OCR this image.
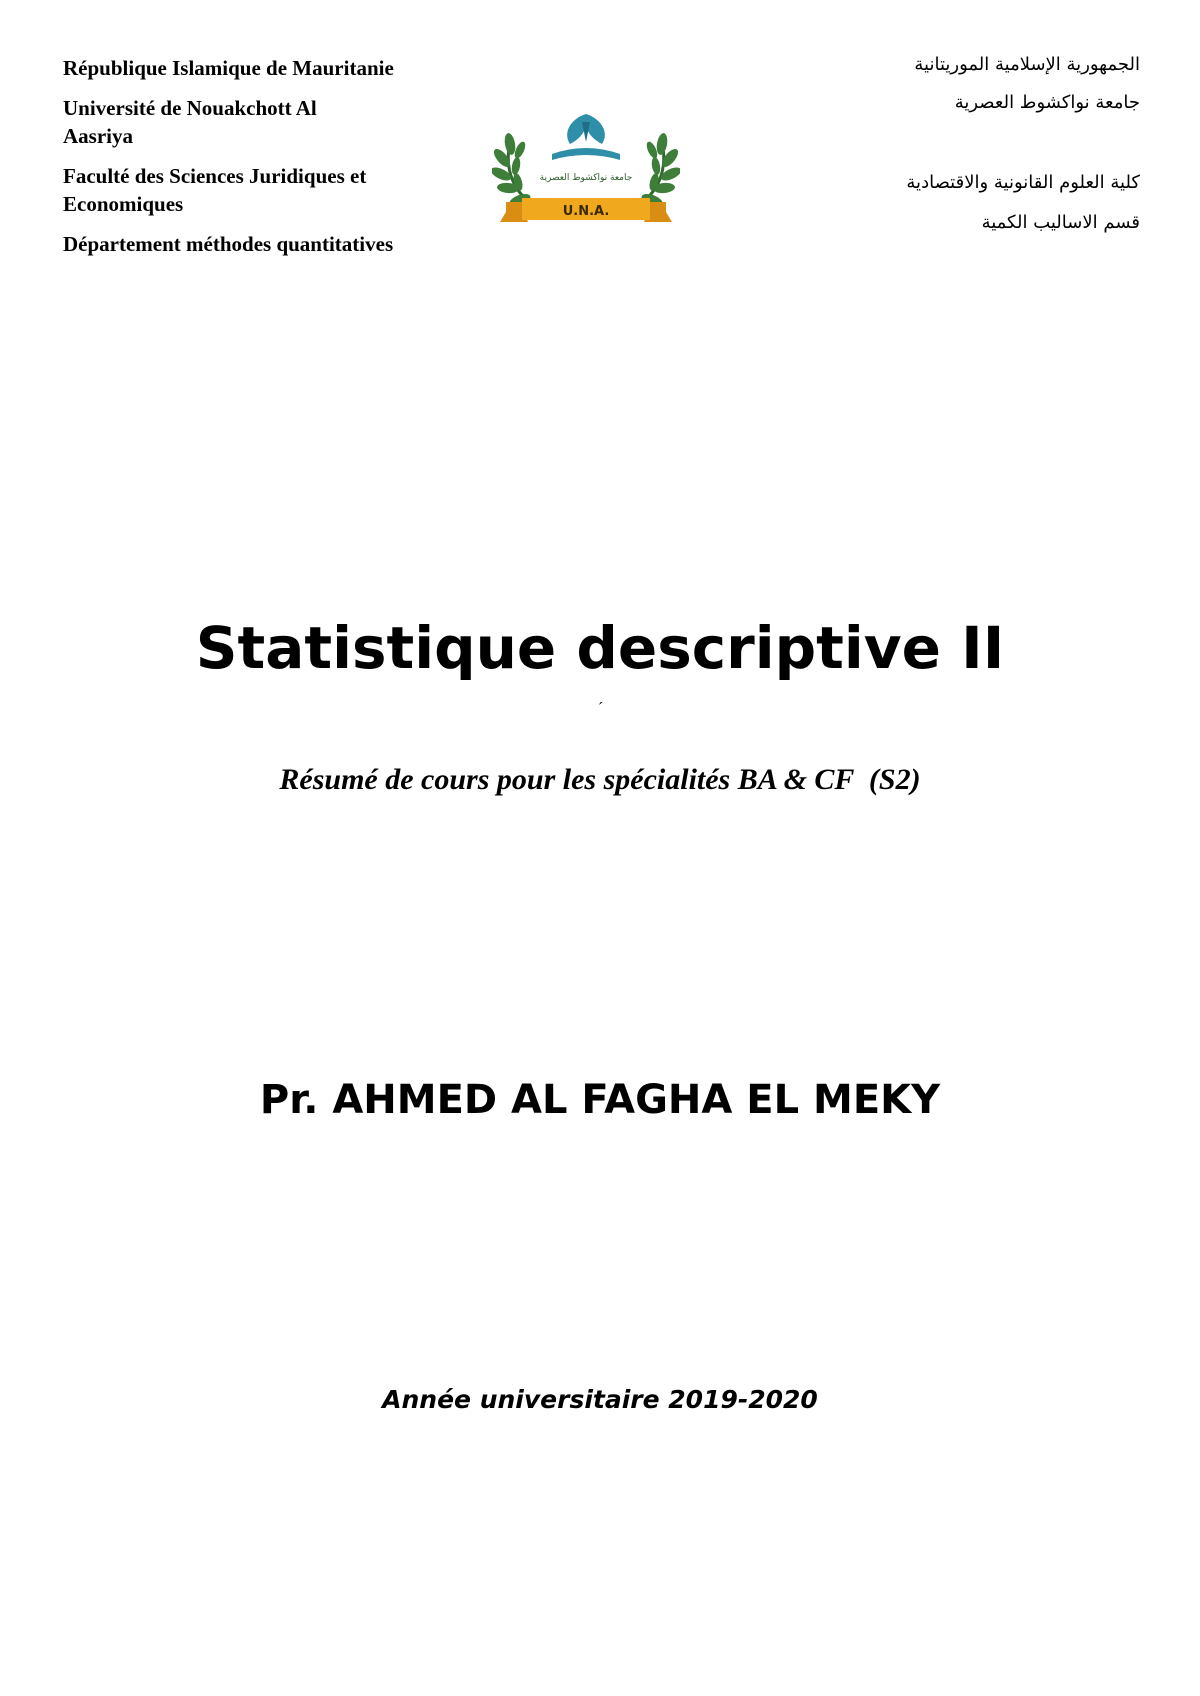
République Islamique de Mauritanie

Université de Nouakchott Al Aasriya

Faculté des Sciences Juridiques et Economiques

Département méthodes quantitatives

الجمهورية الإسلامية الموريتانية
جامعة نواكشوط العصرية
كلية العلوم القانونية والاقتصادية
قسم الاساليب الكمية
جامعة نواكشوط العصرية
U.N.A.
Statistique descriptive II
´
Résumé de cours pour les spécialités BA & CF  (S2)
Pr. AHMED AL FAGHA EL MEKY
Année universitaire 2019-2020
